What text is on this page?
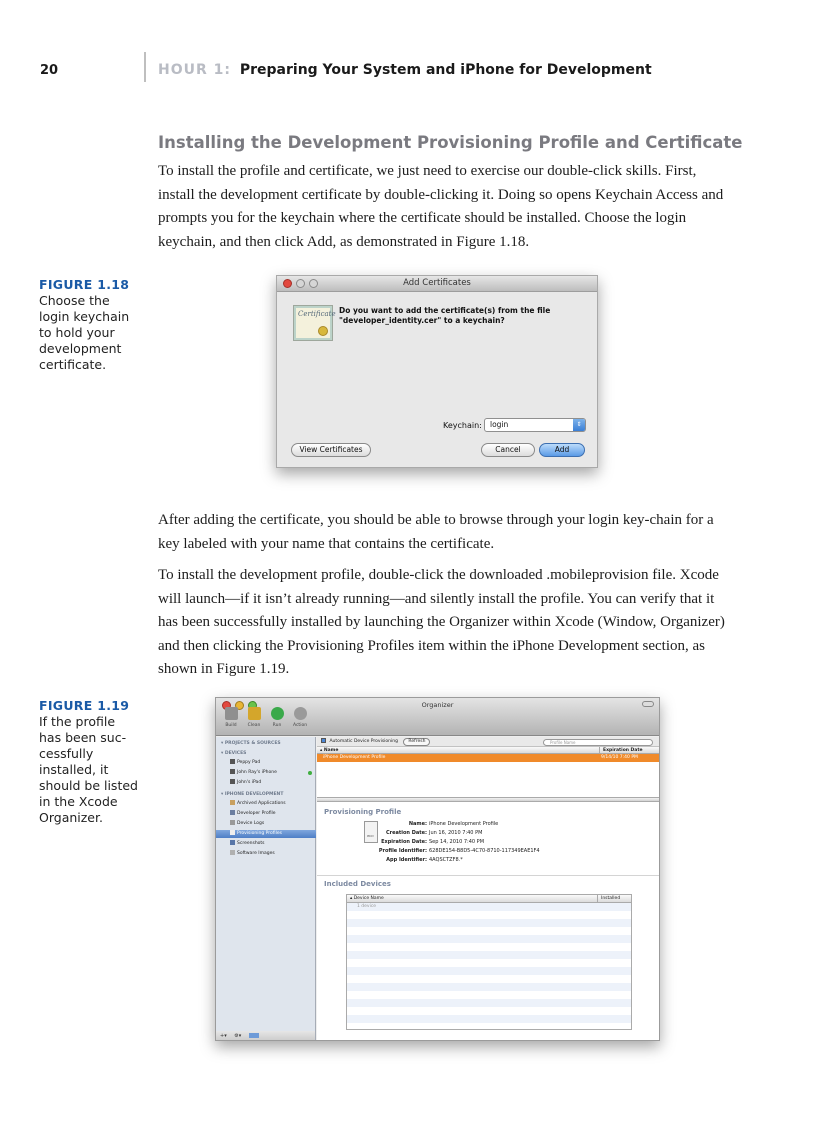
20	HOUR 1: Preparing Your System and iPhone for Development
Installing the Development Provisioning Profile and Certificate

To install the profile and certificate, we just need to exercise our double-click skills. First, install the development certificate by double-clicking it. Doing so opens Keychain Access and prompts you for the keychain where the certificate should be installed. Choose the login keychain, and then click Add, as demonstrated in Figure 1.18.

FIGURE 1.18
Choose the login keychain to hold your development certificate.
Add Certificates
Certificate Do you want to add the certificate(s) from the file "developer_identity.cer" to a keychain?
Keychain:	login	⇕
View Certificates	Cancel	Add

After adding the certificate, you should be able to browse through your login key-chain for a key labeled with your name that contains the certificate.

To install the development profile, double-click the downloaded .mobileprovision file. Xcode will launch—if it isn’t already running—and silently install the profile. You can verify that it has been successfully installed by launching the Organizer within Xcode (Window, Organizer) and then clicking the Provisioning Profiles item within the iPhone Development section, as shown in Figure 1.19.

FIGURE 1.19
If the profile has been suc-cessfully installed, it should be listed in the Xcode Organizer.
Organizer
Build	Clean	Run	Action
▾ PROJECTS & SOURCES
▾ DEVICES
Peppy Pad
John Ray's iPhone
John's iPad
▾ IPHONE DEVELOPMENT
Archived Applications
Developer Profile
Device Logs
Provisioning Profiles
Screenshots
Software Images
+▾ ⚙▾
Automatic Device Provisioning Refresh	Profile Name
▴ Name	Expiration Date
iPhone Development Profile	9/14/10 7:40 PM
Provisioning Profile
PROV
Name: iPhone Development Profile
Creation Date: Jun 16, 2010 7:40 PM
Expiration Date: Sep 14, 2010 7:40 PM
Profile Identifier: 628DE154-B8D5-4C70-8710-117349EAE1F4
App Identifier: 4AQSCTZF8.*
Included Devices
▴ Device Name	Installed
1 device
